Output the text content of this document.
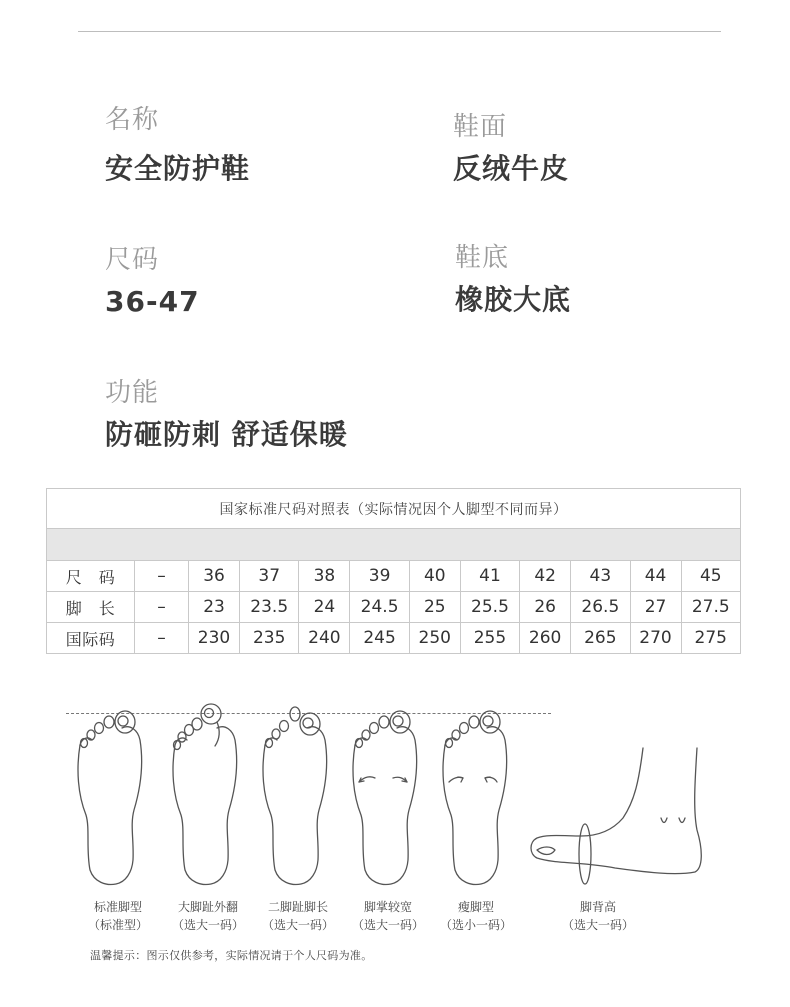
名称
安全防护鞋
鞋面
反绒牛皮
尺码
36-47
鞋底
橡胶大底
功能
防砸防刺 舒适保暖
国家标准尺码对照表（实际情况因个人脚型不同而异）											

尺　码	–	36	37	38	39	40	41	42	43	44	45
脚　长	–	23	23.5	24	24.5	25	25.5	26	26.5	27	27.5
国际码	–	230	235	240	245	250	255	260	265	270	275
标准脚型
（标准型）
大脚趾外翻
（选大一码）
二脚趾脚长
（选大一码）
脚掌较宽
（选大一码）
瘦脚型
（选小一码）
脚背高
（选大一码）
温馨提示：图示仅供参考，实际情况请于个人尺码为准。
